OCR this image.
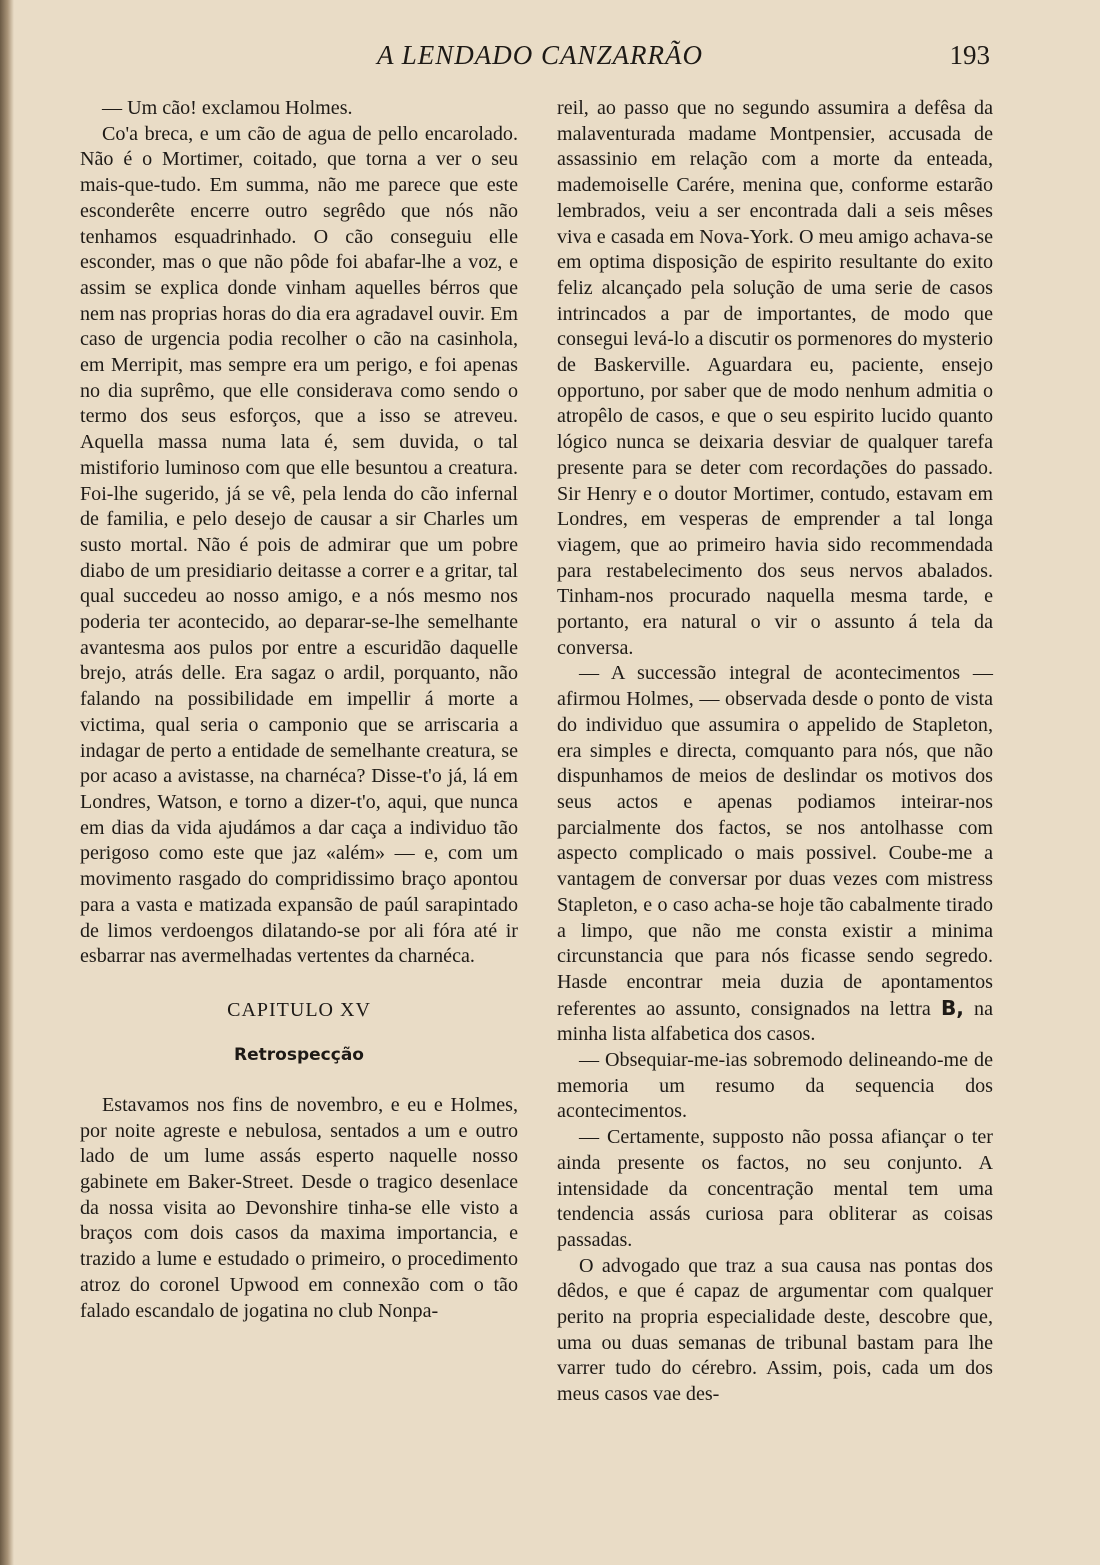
A LENDADO CANZARRÃO	193

— Um cão! exclamou Holmes.

Co'a breca, e um cão de agua de pello encarolado. Não é o Mortimer, coitado, que torna a ver o seu mais-que-tudo. Em summa, não me parece que este esconderête encerre outro segrêdo que nós não tenhamos esquadrinhado. O cão conseguiu elle esconder, mas o que não pôde foi abafar-lhe a voz, e assim se explica donde vinham aquelles bérros que nem nas proprias horas do dia era agradavel ouvir. Em caso de urgencia podia recolher o cão na casinhola, em Merripit, mas sempre era um perigo, e foi apenas no dia suprêmo, que elle considerava como sendo o termo dos seus esforços, que a isso se atreveu. Aquella massa numa lata é, sem duvida, o tal mistiforio luminoso com que elle besuntou a creatura. Foi-lhe sugerido, já se vê, pela lenda do cão infernal de familia, e pelo desejo de causar a sir Charles um susto mortal. Não é pois de admirar que um pobre diabo de um presidiario deitasse a correr e a gritar, tal qual succedeu ao nosso amigo, e a nós mesmo nos poderia ter acontecido, ao deparar-se-lhe semelhante avantesma aos pulos por entre a escuridão daquelle brejo, atrás delle. Era sagaz o ardil, porquanto, não falando na possibilidade em impellir á morte a victima, qual seria o camponio que se arriscaria a indagar de perto a entidade de semelhante creatura, se por acaso a avistasse, na charnéca? Disse-t'o já, lá em Londres, Watson, e torno a dizer-t'o, aqui, que nunca em dias da vida ajudámos a dar caça a individuo tão perigoso como este que jaz «além» — e, com um movimento rasgado do compridissimo braço apontou para a vasta e matizada expansão de paúl sarapintado de limos verdoengos dilatando-se por ali fóra até ir esbarrar nas avermelhadas vertentes da charnéca.

CAPITULO XV

Retrospecção

Estavamos nos fins de novembro, e eu e Holmes, por noite agreste e nebulosa, sentados a um e outro lado de um lume assás esperto naquelle nosso gabinete em Baker-Street. Desde o tragico desenlace da nossa visita ao Devonshire tinha-se elle visto a braços com dois casos da maxima importancia, e trazido a lume e estudado o primeiro, o procedimento atroz do coronel Upwood em connexão com o tão falado escandalo de jogatina no club Nonpa-

reil, ao passo que no segundo assumira a defêsa da malaventurada madame Montpensier, accusada de assassinio em relação com a morte da enteada, mademoiselle Carére, menina que, conforme estarão lembrados, veiu a ser encontrada dali a seis mêses viva e casada em Nova-York. O meu amigo achava-se em optima disposição de espirito resultante do exito feliz alcançado pela solução de uma serie de casos intrincados a par de importantes, de modo que consegui levá-lo a discutir os pormenores do mysterio de Baskerville. Aguardara eu, paciente, ensejo opportuno, por saber que de modo nenhum admitia o atropêlo de casos, e que o seu espirito lucido quanto lógico nunca se deixaria desviar de qualquer tarefa presente para se deter com recordações do passado. Sir Henry e o doutor Mortimer, contudo, estavam em Londres, em vesperas de emprender a tal longa viagem, que ao primeiro havia sido recommendada para restabelecimento dos seus nervos abalados. Tinham-nos procurado naquella mesma tarde, e portanto, era natural o vir o assunto á tela da conversa.

— A successão integral de acontecimentos — afirmou Holmes, — observada desde o ponto de vista do individuo que assumira o appelido de Stapleton, era simples e directa, comquanto para nós, que não dispunhamos de meios de deslindar os motivos dos seus actos e apenas podiamos inteirar-nos parcialmente dos factos, se nos antolhasse com aspecto complicado o mais possivel. Coube-me a vantagem de conversar por duas vezes com mistress Stapleton, e o caso acha-se hoje tão cabalmente tirado a limpo, que não me consta existir a minima circunstancia que para nós ficasse sendo segredo. Hasde encontrar meia duzia de apontamentos referentes ao assunto, consignados na lettra B, na minha lista alfabetica dos casos.

— Obsequiar-me-ias sobremodo delineando-me de memoria um resumo da sequencia dos acontecimentos.

— Certamente, supposto não possa afiançar o ter ainda presente os factos, no seu conjunto. A intensidade da concentração mental tem uma tendencia assás curiosa para obliterar as coisas passadas.

O advogado que traz a sua causa nas pontas dos dêdos, e que é capaz de argumentar com qualquer perito na propria especialidade deste, descobre que, uma ou duas semanas de tribunal bastam para lhe varrer tudo do cérebro. Assim, pois, cada um dos meus casos vae des-
